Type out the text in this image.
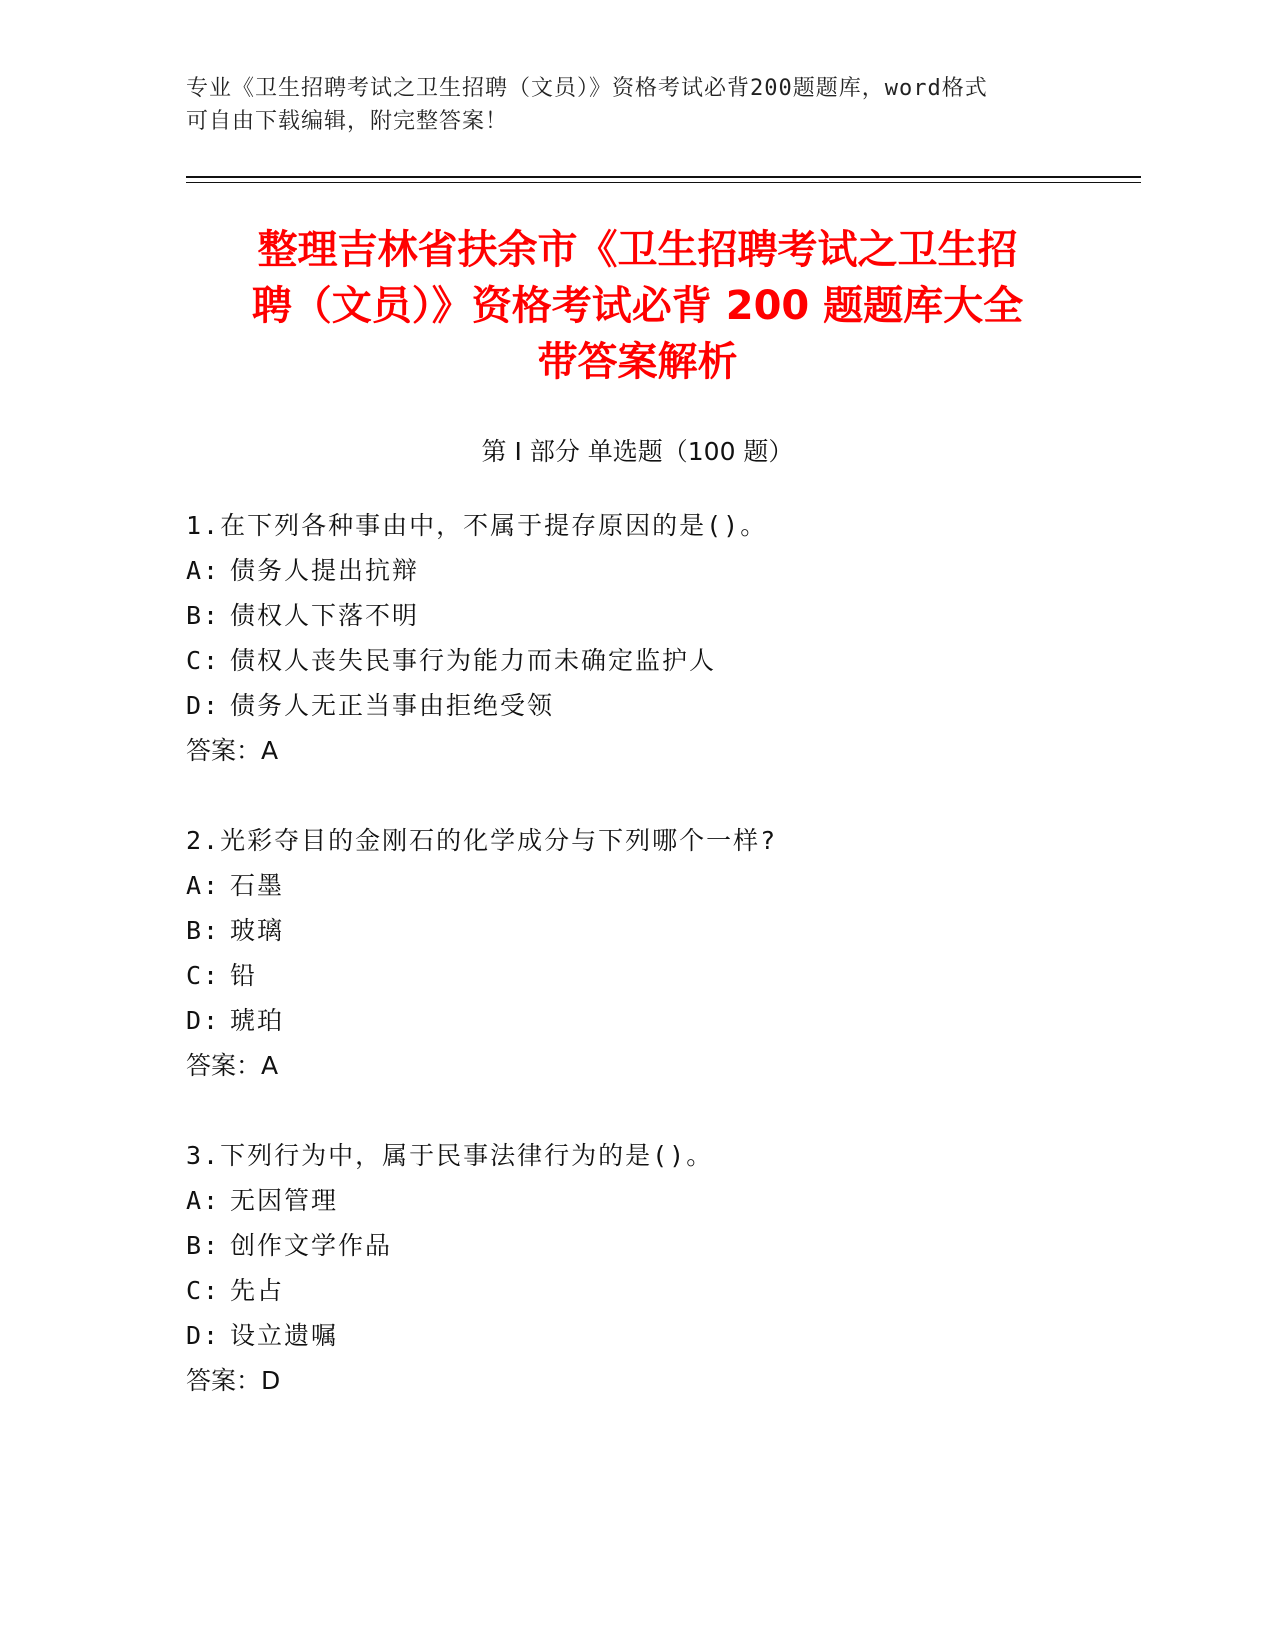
专业《卫生招聘考试之卫生招聘（文员）》资格考试必背200题题库，word格式
可自由下载编辑，附完整答案！
整理吉林省扶余市《卫生招聘考试之卫生招
聘（文员）》资格考试必背 200 题题库大全
带答案解析
第 I 部分 单选题（100 题）
1.在下列各种事由中，不属于提存原因的是()。
A: 债务人提出抗辩
B: 债权人下落不明
C: 债权人丧失民事行为能力而未确定监护人
D: 债务人无正当事由拒绝受领
答案：A
2.光彩夺目的金刚石的化学成分与下列哪个一样?
A: 石墨
B: 玻璃
C: 铅
D: 琥珀
答案：A
3.下列行为中，属于民事法律行为的是()。
A: 无因管理
B: 创作文学作品
C: 先占
D: 设立遗嘱
答案：D
